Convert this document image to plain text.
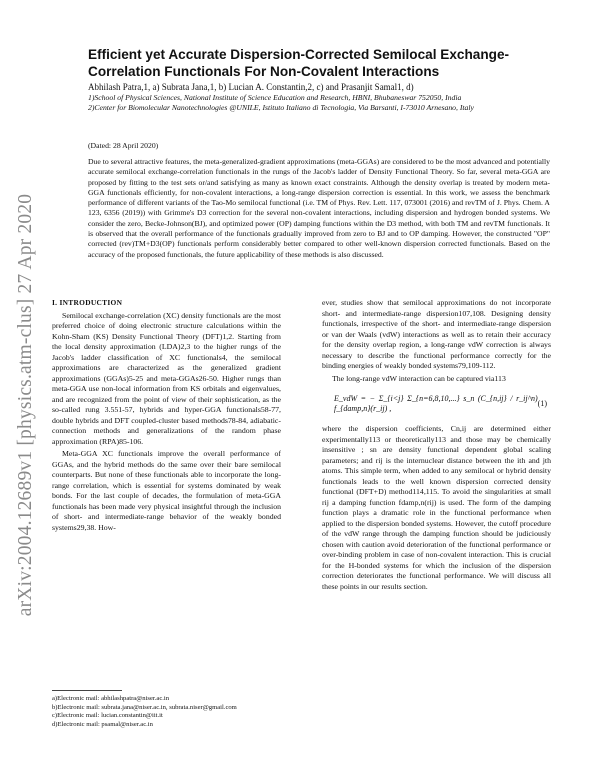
arXiv:2004.12689v1 [physics.atm-clus] 27 Apr 2020
Efficient yet Accurate Dispersion-Corrected Semilocal Exchange-Correlation Functionals For Non-Covalent Interactions
Abhilash Patra,1, a) Subrata Jana,1, b) Lucian A. Constantin,2, c) and Prasanjit Samal1, d)

1)School of Physical Sciences, National Institute of Science Education and Research, HBNI, Bhubaneswar 752050, India

2)Center for Biomolecular Nanotechnologies @UNILE, Istituto Italiano di Tecnologia, Via Barsanti, I-73010 Arnesano, Italy

(Dated: 28 April 2020)

Due to several attractive features, the meta-generalized-gradient approximations (meta-GGAs) are considered to be the most advanced and potentially accurate semilocal exchange-correlation functionals in the rungs of the Jacob's ladder of Density Functional Theory. So far, several meta-GGA are proposed by fitting to the test sets or/and satisfying as many as known exact constraints. Although the density overlap is treated by modern meta-GGA functionals efficiently, for non-covalent interactions, a long-range dispersion correction is essential. In this work, we assess the benchmark performance of different variants of the Tao-Mo semilocal functional (i.e. TM of Phys. Rev. Lett. 117, 073001 (2016) and revTM of J. Phys. Chem. A 123, 6356 (2019)) with Grimme's D3 correction for the several non-covalent interactions, including dispersion and hydrogen bonded systems. We consider the zero, Becke-Johnson(BJ), and optimized power (OP) damping functions within the D3 method, with both TM and revTM functionals. It is observed that the overall performance of the functionals gradually improved from zero to BJ and to OP damping. However, the constructed "OP" corrected (rev)TM+D3(OP) functionals perform considerably better compared to other well-known dispersion corrected functionals. Based on the accuracy of the proposed functionals, the future applicability of these methods is also discussed.

I. INTRODUCTION

Semilocal exchange-correlation (XC) density functionals are the most preferred choice of doing electronic structure calculations within the Kohn-Sham (KS) Density Functional Theory (DFT)1,2. Starting from the local density approximation (LDA)2,3 to the higher rungs of the Jacob's ladder classification of XC functionals4, the semilocal approximations are characterized as the generalized gradient approximations (GGAs)5-25 and meta-GGAs26-50. Higher rungs than meta-GGA use non-local information from KS orbitals and eigenvalues, and are recognized from the point of view of their sophistication, as the so-called rung 3.551-57, hybrids and hyper-GGA functionals58-77, double hybrids and DFT coupled-cluster based methods78-84, adiabatic-connection methods and generalizations of the random phase approximation (RPA)85-106.

Meta-GGA XC functionals improve the overall performance of GGAs, and the hybrid methods do the same over their bare semilocal counterparts. But none of these functionals able to incorporate the long-range correlation, which is essential for systems dominated by weak bonds. For the last couple of decades, the formulation of meta-GGA functionals has been made very physical insightful through the inclusion of short- and intermediate-range behavior of the weakly bonded systems29,38. How-

a)Electronic mail: abhilashpatra@niser.ac.in

b)Electronic mail: subrata.jana@niser.ac.in, subrata.niser@gmail.com

c)Electronic mail: lucian.constantin@iit.it

d)Electronic mail: psamal@niser.ac.in

ever, studies show that semilocal approximations do not incorporate short- and intermediate-range dispersion107,108. Designing density functionals, irrespective of the short- and intermediate-range dispersion or van der Waals (vdW) interactions as well as to retain their accuracy for the density overlap region, a long-range vdW correction is always necessary to describe the functional performance correctly for the binding energies of weakly bonded systems79,109-112.

The long-range vdW interaction can be captured via113

E_vdW = − Σ_{i<j} Σ_{n=6,8,10,...} s_n (C_{n,ij} / r_ij^n) f_{damp,n}(r_ij) ,
(1)

where the dispersion coefficients, Cn,ij are determined either experimentally113 or theoretically113 and those may be chemically insensitive ; sn are density functional dependent global scaling parameters; and rij is the internuclear distance between the ith and jth atoms. This simple term, when added to any semilocal or hybrid density functionals leads to the well known dispersion corrected density functional (DFT+D) method114,115. To avoid the singularities at small rij a damping function fdamp,n(rij) is used. The form of the damping function plays a dramatic role in the functional performance when applied to the dispersion bonded systems. However, the cutoff procedure of the vdW range through the damping function should be judiciously chosen with caution avoid deterioration of the functional performance or over-binding problem in case of non-covalent interaction. This is crucial for the H-bonded systems for which the inclusion of the dispersion correction deteriorates the functional performance. We will discuss all these points in our results section.
